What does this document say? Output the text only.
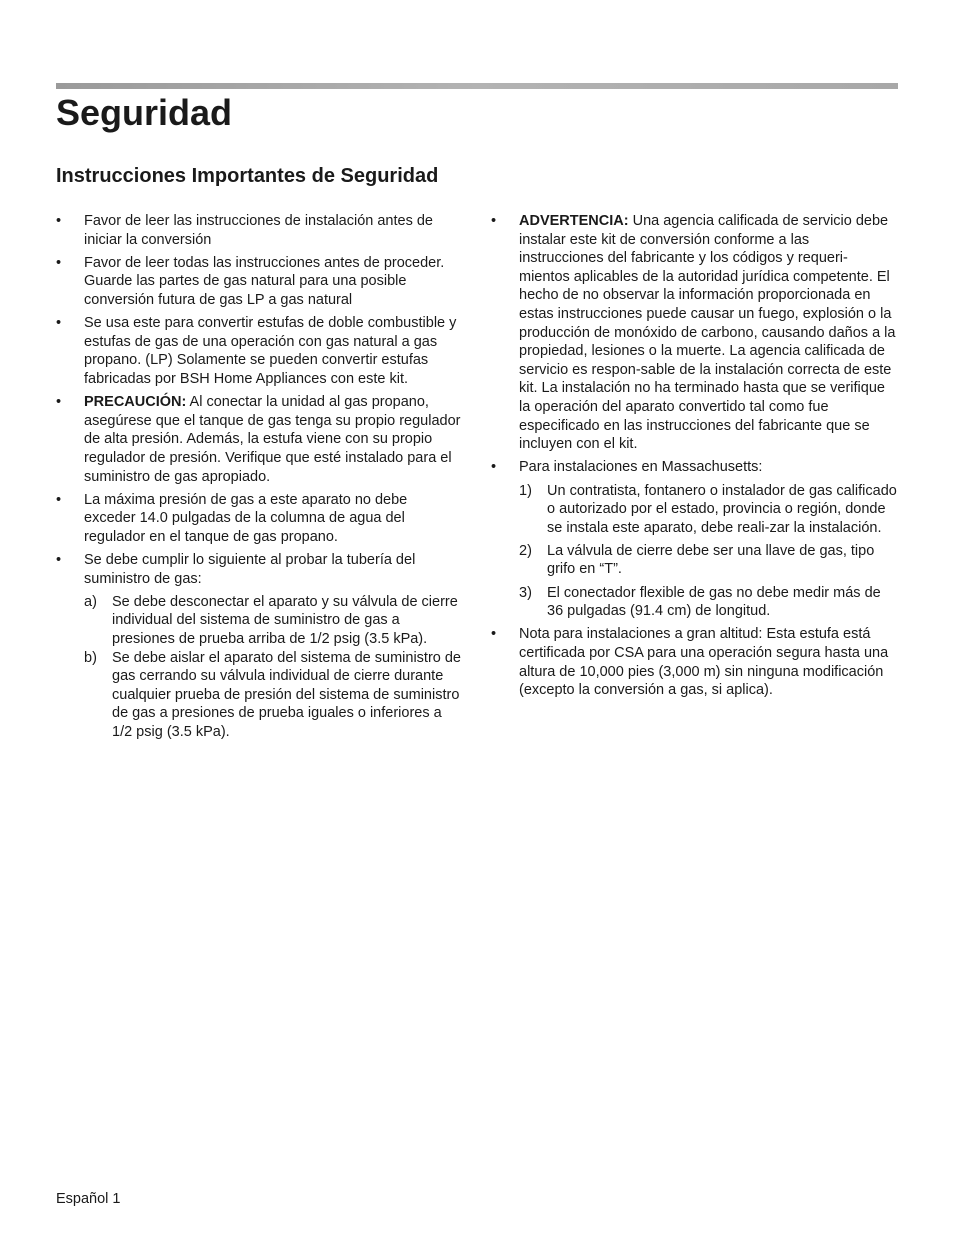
Seguridad
Instrucciones Importantes de Seguridad
•	Favor de leer las instrucciones de instalación antes de iniciar la conversión
•	Favor de leer todas las instrucciones antes de proceder. Guarde las partes de gas natural para una posible conversión futura de gas LP a gas natural
•	Se usa este para convertir estufas de doble combustible y estufas de gas de una operación con gas natural a gas propano. (LP) Solamente se pueden convertir estufas fabricadas por BSH Home Appliances con este kit.
•	PRECAUCIÓN: Al conectar la unidad al gas propano, asegúrese que el tanque de gas tenga su propio regulador de alta presión. Además, la estufa viene con su propio regulador de presión. Verifique que esté instalado para el suministro de gas apropiado.
•	La máxima presión de gas a este aparato no debe exceder 14.0 pulgadas de la columna de agua del regulador en el tanque de gas propano.
•	Se debe cumplir lo siguiente al probar la tubería del suministro de gas:
a) Se debe desconectar el aparato y su válvula de cierre individual del sistema de suministro de gas a presiones de prueba arriba de 1/2 psig (3.5 kPa).
b) Se debe aislar el aparato del sistema de suministro de gas cerrando su válvula individual de cierre durante cualquier prueba de presión del sistema de suministro de gas a presiones de prueba iguales o inferiores a 1/2 psig (3.5 kPa).
•	ADVERTENCIA: Una agencia calificada de servicio debe instalar este kit de conversión conforme a las instrucciones del fabricante y los códigos y requeri-mientos aplicables de la autoridad jurídica competente. El hecho de no observar la información proporcionada en estas instrucciones puede causar un fuego, explosión o la producción de monóxido de carbono, causando daños a la propiedad, lesiones o la muerte. La agencia calificada de servicio es respon-sable de la instalación correcta de este kit. La instalación no ha terminado hasta que se verifique la operación del aparato convertido tal como fue especificado en las instrucciones del fabricante que se incluyen con el kit.
•	Para instalaciones en Massachusetts:
1) Un contratista, fontanero o instalador de gas calificado o autorizado por el estado, provincia o región, donde se instala este aparato, debe reali-zar la instalación.
2) La válvula de cierre debe ser una llave de gas, tipo grifo en “T”.
3) El conectador flexible de gas no debe medir más de 36 pulgadas (91.4 cm) de longitud.
•	Nota para instalaciones a gran altitud: Esta estufa está certificada por CSA para una operación segura hasta una altura de 10,000 pies (3,000 m) sin ninguna modificación (excepto la conversión a gas, si aplica).
Español 1
